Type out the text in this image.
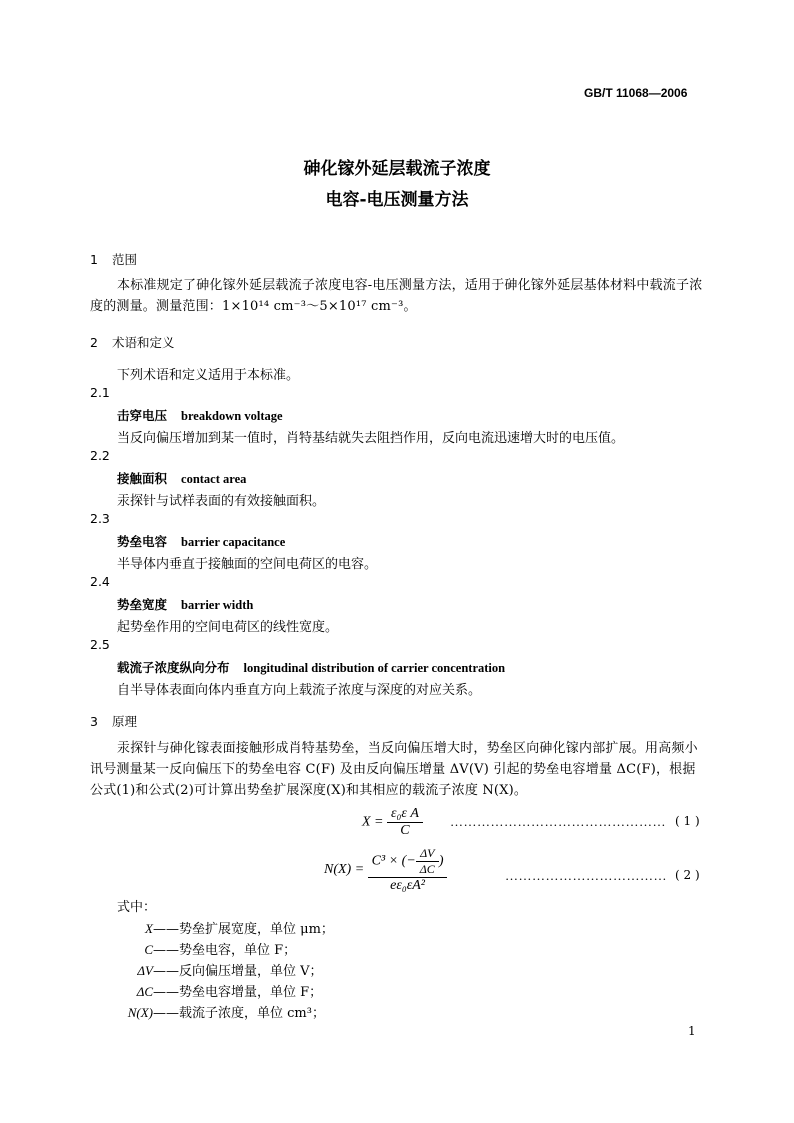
GB/T 11068—2006
砷化镓外延层载流子浓度
电容-电压测量方法
1 范围
本标准规定了砷化镓外延层载流子浓度电容-电压测量方法，适用于砷化镓外延层基体材料中载流子浓度的测量。测量范围：1×10¹⁴ cm⁻³～5×10¹⁷ cm⁻³。
2 术语和定义
下列术语和定义适用于本标准。
2.1
击穿电压 breakdown voltage
当反向偏压增加到某一值时，肖特基结就失去阻挡作用，反向电流迅速增大时的电压值。
2.2
接触面积 contact area
汞探针与试样表面的有效接触面积。
2.3
势垒电容 barrier capacitance
半导体内垂直于接触面的空间电荷区的电容。
2.4
势垒宽度 barrier width
起势垒作用的空间电荷区的线性宽度。
2.5
载流子浓度纵向分布 longitudinal distribution of carrier concentration
自半导体表面向体内垂直方向上载流子浓度与深度的对应关系。
3 原理
汞探针与砷化镓表面接触形成肖特基势垒，当反向偏压增大时，势垒区向砷化镓内部扩展。用高频小讯号测量某一反向偏压下的势垒电容 C(F) 及由反向偏压增量 ΔV(V) 引起的势垒电容增量 ΔC(F)，根据公式(1)和公式(2)可计算出势垒扩展深度(X)和其相应的载流子浓度 N(X)。
$X = \frac{\text{ε₀ε A}}{C}$ ………………………………………… ( 1 )
$N(X) = \frac{C^3 \times (- \frac{\Delta V}{\Delta C} )}{\text{eε₀εA²}}$	……………………………… ( 2 )
式中：
X——势垒扩展宽度，单位 μm；
C——势垒电容，单位 F；
ΔV——反向偏压增量，单位 V；
ΔC——势垒电容增量，单位 F；
N(X)——载流子浓度，单位 cm³；
1
